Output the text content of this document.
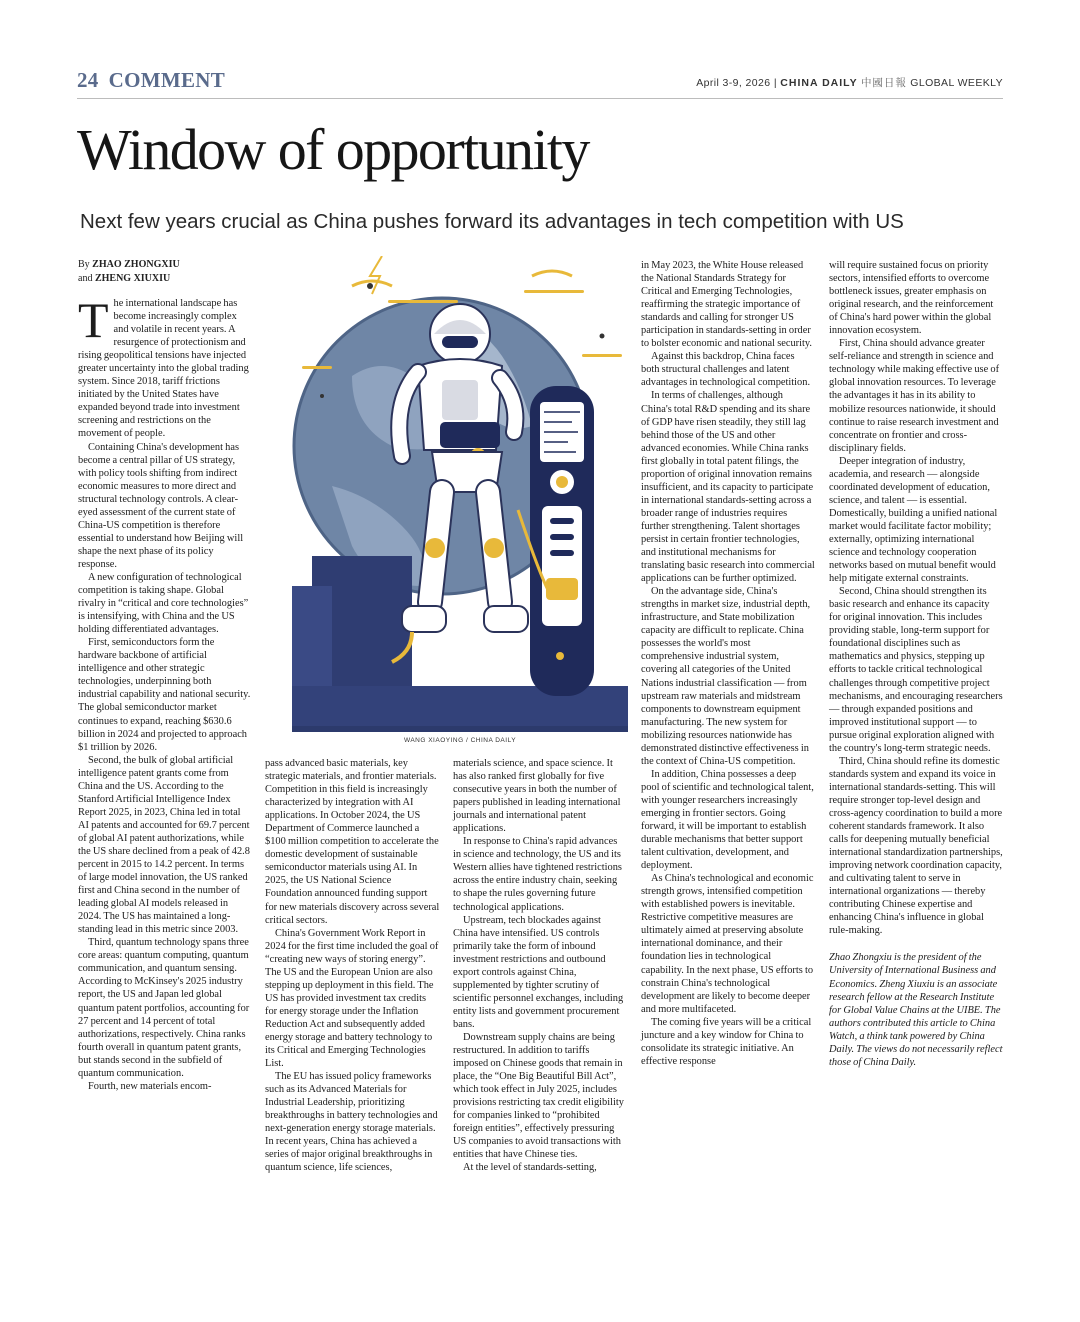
24 COMMENT	April 3-9, 2026 | CHINA DAILY 中國日報 GLOBAL WEEKLY
Window of opportunity
Next few years crucial as China pushes forward its advantages in tech competition with US
By ZHAO ZHONGXIU
and ZHENG XIUXIU

The international landscape has become increasingly complex and volatile in recent years. A resurgence of protectionism and rising geopolitical tensions have injected greater uncertainty into the global trading system. Since 2018, tariff frictions initiated by the United States have expanded beyond trade into investment screening and restrictions on the movement of people.

Containing China's development has become a central pillar of US strategy, with policy tools shifting from indirect economic measures to more direct and structural technology controls. A clear-eyed assessment of the current state of China-US competition is therefore essential to understand how Beijing will shape the next phase of its policy response.

A new configuration of technological competition is taking shape. Global rivalry in “critical and core technologies” is intensifying, with China and the US holding differentiated advantages.

First, semiconductors form the hardware backbone of artificial intelligence and other strategic technologies, underpinning both industrial capability and national security. The global semiconductor market continues to expand, reaching $630.6 billion in 2024 and projected to approach $1 trillion by 2026.

Second, the bulk of global artificial intelligence patent grants come from China and the US. According to the Stanford Artificial Intelligence Index Report 2025, in 2023, China led in total AI patents and accounted for 69.7 percent of global AI patent authorizations, while the US share declined from a peak of 42.8 percent in 2015 to 14.2 percent. In terms of large model innovation, the US ranked first and China second in the number of leading global AI models released in 2024. The US has maintained a long-standing lead in this metric since 2003.

Third, quantum technology spans three core areas: quantum computing, quantum communication, and quantum sensing. According to McKinsey's 2025 industry report, the US and Japan led global quantum patent portfolios, accounting for 27 percent and 14 percent of total authorizations, respectively. China ranks fourth overall in quantum patent grants, but stands second in the subfield of quantum communication.

Fourth, new materials encom-

WANG XIAOYING / CHINA DAILY

pass advanced basic materials, key strategic materials, and frontier materials. Competition in this field is increasingly characterized by integration with AI applications. In October 2024, the US Department of Commerce launched a $100 million competition to accelerate the domestic development of sustainable semiconductor materials using AI. In 2025, the US National Science Foundation announced funding support for new materials discovery across several critical sectors.

China's Government Work Report in 2024 for the first time included the goal of “creating new ways of storing energy”. The US and the European Union are also stepping up deployment in this field. The US has provided investment tax credits for energy storage under the Inflation Reduction Act and subsequently added energy storage and battery technology to its Critical and Emerging Technologies List.

The EU has issued policy frameworks such as its Advanced Materials for Industrial Leadership, prioritizing breakthroughs in battery technologies and next-generation energy storage materials. In recent years, China has achieved a series of major original breakthroughs in quantum science, life sciences,

materials science, and space science. It has also ranked first globally for five consecutive years in both the number of papers published in leading international journals and international patent applications.

In response to China's rapid advances in science and technology, the US and its Western allies have tightened restrictions across the entire industry chain, seeking to shape the rules governing future technological applications.

Upstream, tech blockades against China have intensified. US controls primarily take the form of inbound investment restrictions and outbound export controls against China, supplemented by tighter scrutiny of scientific personnel exchanges, including entity lists and government procurement bans.

Downstream supply chains are being restructured. In addition to tariffs imposed on Chinese goods that remain in place, the “One Big Beautiful Bill Act”, which took effect in July 2025, includes provisions restricting tax credit eligibility for companies linked to “prohibited foreign entities”, effectively pressuring US companies to avoid transactions with entities that have Chinese ties.

At the level of standards-setting,

in May 2023, the White House released the National Standards Strategy for Critical and Emerging Technologies, reaffirming the strategic importance of standards and calling for stronger US participation in standards-setting in order to bolster economic and national security.

Against this backdrop, China faces both structural challenges and latent advantages in technological competition.

In terms of challenges, although China's total R&D spending and its share of GDP have risen steadily, they still lag behind those of the US and other advanced economies. While China ranks first globally in total patent filings, the proportion of original innovation remains insufficient, and its capacity to participate in international standards-setting across a broader range of industries requires further strengthening. Talent shortages persist in certain frontier technologies, and institutional mechanisms for translating basic research into commercial applications can be further optimized.

On the advantage side, China's strengths in market size, industrial depth, infrastructure, and State mobilization capacity are difficult to replicate. China possesses the world's most comprehensive industrial system, covering all categories of the United Nations industrial classification — from upstream raw materials and midstream components to downstream equipment manufacturing. The new system for mobilizing resources nationwide has demonstrated distinctive effectiveness in the context of China-US competition.

In addition, China possesses a deep pool of scientific and technological talent, with younger researchers increasingly emerging in frontier sectors. Going forward, it will be important to establish durable mechanisms that better support talent cultivation, development, and deployment.

As China's technological and economic strength grows, intensified competition with established powers is inevitable. Restrictive competitive measures are ultimately aimed at preserving absolute international dominance, and their foundation lies in technological capability. In the next phase, US efforts to constrain China's technological development are likely to become deeper and more multifaceted.

The coming five years will be a critical juncture and a key window for China to consolidate its strategic initiative. An effective response

will require sustained focus on priority sectors, intensified efforts to overcome bottleneck issues, greater emphasis on original research, and the reinforcement of China's hard power within the global innovation ecosystem.

First, China should advance greater self-reliance and strength in science and technology while making effective use of global innovation resources. To leverage the advantages it has in its ability to mobilize resources nationwide, it should continue to raise research investment and concentrate on frontier and cross-disciplinary fields.

Deeper integration of industry, academia, and research — alongside coordinated development of education, science, and talent — is essential. Domestically, building a unified national market would facilitate factor mobility; externally, optimizing international science and technology cooperation networks based on mutual benefit would help mitigate external constraints.

Second, China should strengthen its basic research and enhance its capacity for original innovation. This includes providing stable, long-term support for foundational disciplines such as mathematics and physics, stepping up efforts to tackle critical technological challenges through competitive project mechanisms, and encouraging researchers — through expanded positions and improved institutional support — to pursue original exploration aligned with the country's long-term strategic needs.

Third, China should refine its domestic standards system and expand its voice in international standards-setting. This will require stronger top-level design and cross-agency coordination to build a more coherent standards framework. It also calls for deepening mutually beneficial international standardization partnerships, improving network coordination capacity, and cultivating talent to serve in international organizations — thereby contributing Chinese expertise and enhancing China's influence in global rule-making.

Zhao Zhongxiu is the president of the University of International Business and Economics. Zheng Xiuxiu is an associate research fellow at the Research Institute for Global Value Chains at the UIBE. The authors contributed this article to China Watch, a think tank powered by China Daily. The views do not necessarily reflect those of China Daily.
